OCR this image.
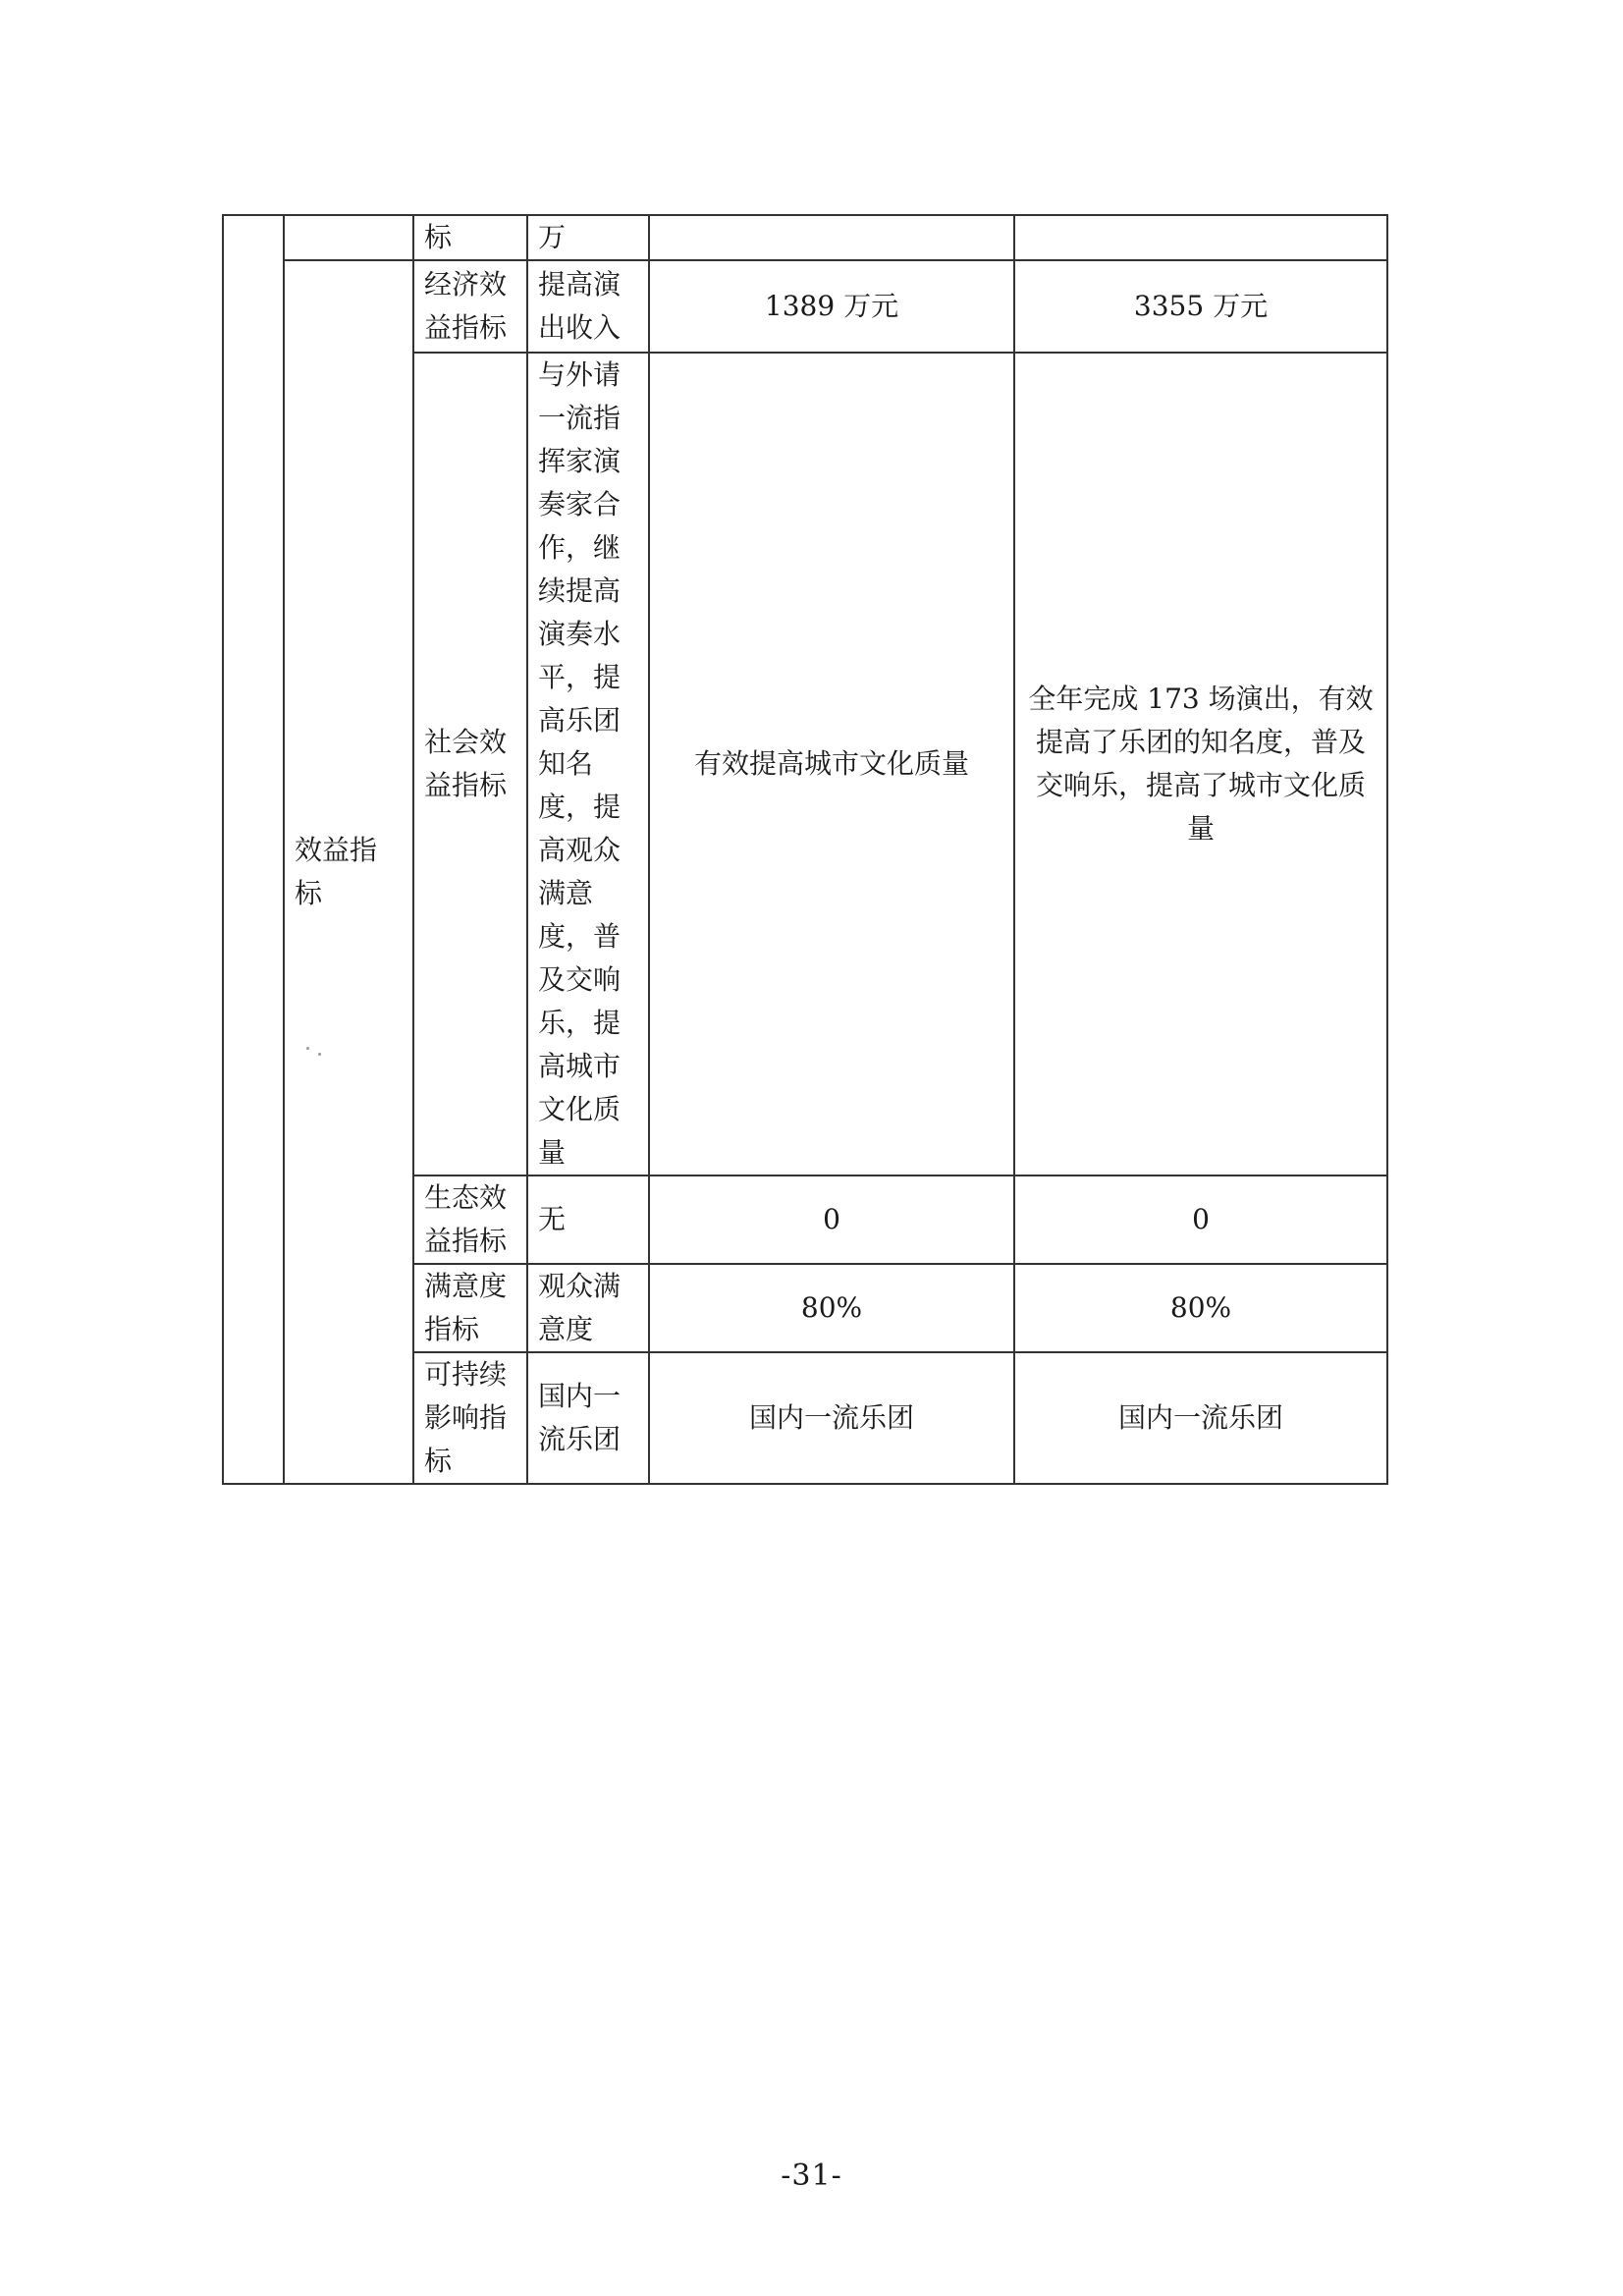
		标	万		
	效益指标	经济效益指标	提高演出收入	1389 万元	3355 万元
		社会效益指标	与外请一流指挥家演奏家合作，继续提高演奏水平，提高乐团知名度，提高观众满意度，普及交响乐，提高城市文化质量	有效提高城市文化质量	全年完成 173 场演出，有效提高了乐团的知名度，普及交响乐，提高了城市文化质量
		生态效益指标	无	0	0
		满意度指标	观众满意度	80%	80%
		可持续影响指标	国内一流乐团	国内一流乐团	国内一流乐团
-31-
